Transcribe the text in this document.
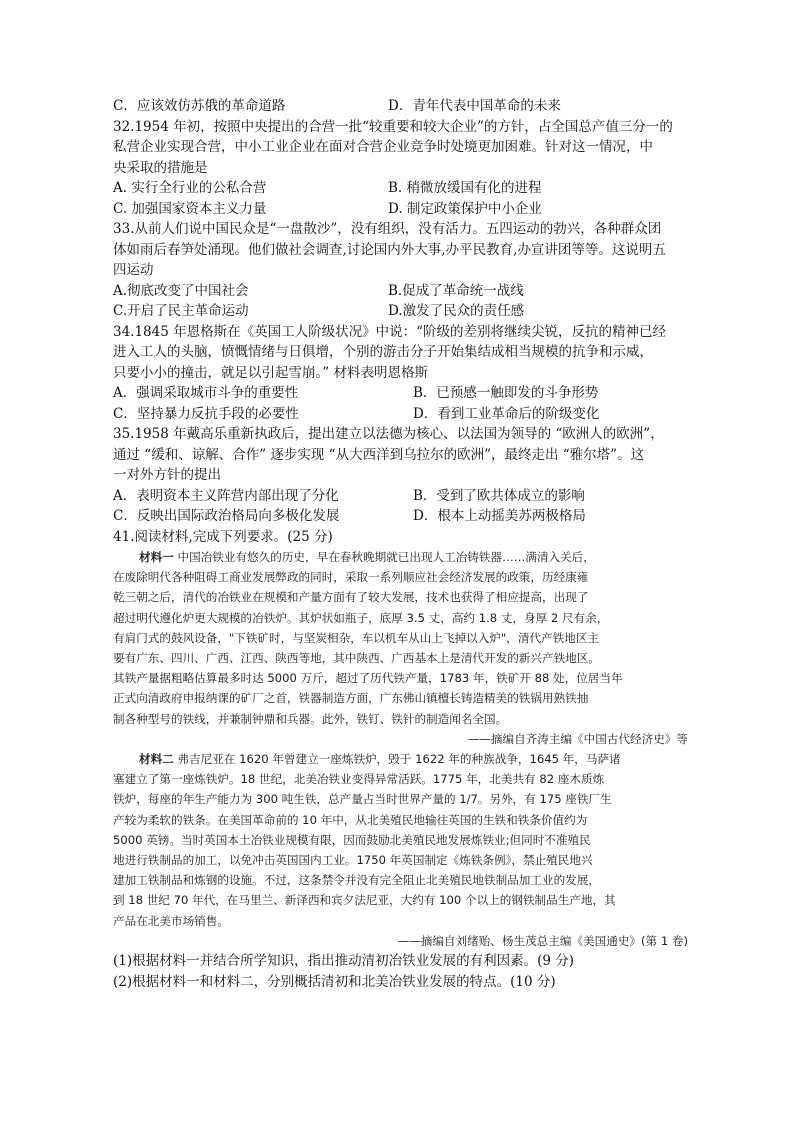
C．应该效仿苏俄的革命道路	D．青年代表中国革命的未来
32.1954 年初，按照中央提出的合营一批“较重要和较大企业”的方针，占全国总产值三分一的
私营企业实现合营，中小工业企业在面对合营企业竞争时处境更加困难。针对这一情况，中
央采取的措施是
A. 实行全行业的公私合营	B. 稍微放缓国有化的进程
C. 加强国家资本主义力量	D. 制定政策保护中小企业
33.从前人们说中国民众是“一盘散沙”，没有组织，没有活力。五四运动的勃兴，各种群众团
体如雨后春笋处涌现。他们做社会调查,讨论国内外大事,办平民教育,办宣讲团等等。这说明五
四运动
A.彻底改变了中国社会	B.促成了革命统一战线
C.开启了民主革命运动	D.激发了民众的责任感
34.1845 年恩格斯在《英国工人阶级状况》中说：“阶级的差别将继续尖锐，反抗的精神已经
进入工人的头脑，愤慨情绪与日俱增，个别的游击分子开始集结成相当规模的抗争和示威，
只要小小的撞击，就足以引起雪崩。” 材料表明恩格斯
A．强调采取城市斗争的重要性	B．已预感一触即发的斗争形势
C．坚持暴力反抗手段的必要性	D．看到工业革命后的阶级变化
35.1958 年戴高乐重新执政后，提出建立以法德为核心、以法国为领导的 “欧洲人的欧洲”，
通过 “缓和、谅解、合作” 逐步实现 “从大西洋到乌拉尔的欧洲”，最终走出 “雅尔塔”。这
一对外方针的提出
A．表明资本主义阵营内部出现了分化	B．受到了欧共体成立的影响
C．反映出国际政治格局向多极化发展	D．根本上动摇美苏两极格局
41.阅读材料,完成下列要求。(25 分)
材料一 中国冶铁业有悠久的历史，早在春秋晚期就已出现人工冶铸铁器……满清入关后，
在废除明代各种阻碍工商业发展弊政的同时，采取一系列顺应社会经济发展的政策，历经康雍
乾三朝之后，清代的冶铁业在规模和产量方面有了较大发展，技术也获得了相应提高，出现了
超过明代遵化炉更大规模的冶铁炉。其炉状如瓶子，底厚 3.5 丈，高约 1.8 丈，身厚 2 尺有余，
有肩门式的鼓风设备，"下铁矿时，与坚炭相杂，车以机车从山上飞掉以入炉"，清代产铁地区主
要有广东、四川、广西、江西、陕西等地，其中陕西、广西基本上是清代开发的新兴产铁地区。
其铁产量据粗略估算最多时达 5000 万斤，超过了历代铁产量，1783 年，铁矿开 88 处，位居当年
正式向清政府申报纳课的矿厂之首，铁器制造方面，广东佛山镇檀长铸造精美的铁锅用熟铁抽
制各种型号的铁线，并兼制钟鼎和兵器。此外，铁钉、铁针的制造闻名全国。
——摘编自齐涛主编《中国古代经济史》等
材料二 弗吉尼亚在 1620 年曾建立一座炼铁炉，毁于 1622 年的种族战争，1645 年，马萨诸
塞建立了第一座炼铁炉。18 世纪，北美冶铁业变得异常活跃。1775 年，北美共有 82 座木质炼
铁炉，每座的年生产能力为 300 吨生铁，总产量占当时世界产量的 1/7。另外，有 175 座铁厂生
产较为柔软的铁条。在美国革命前的 10 年中，从北美殖民地输往英国的生铁和铁条价值约为
5000 英镑。当时英国本土冶铁业规模有限，因而鼓励北美殖民地发展炼铁业;但同时不准殖民
地进行铁制品的加工，以免冲击英国国内工业。1750 年英国制定《炼铁条例》，禁止殖民地兴
建加工铁制品和炼钢的设施。不过，这条禁令并没有完全阻止北美殖民地铁制品加工业的发展，
到 18 世纪 70 年代，在马里兰、新泽西和宾夕法尼亚，大约有 100 个以上的钢铁制品生产地，其
产品在北美市场销售。
——摘编自刘绪贻、杨生茂总主编《美国通史》(第 1 卷)
(1)根据材料一并结合所学知识，指出推动清初冶铁业发展的有利因素。(9 分)
(2)根据材料一和材料二，分别概括清初和北美冶铁业发展的特点。(10 分)
